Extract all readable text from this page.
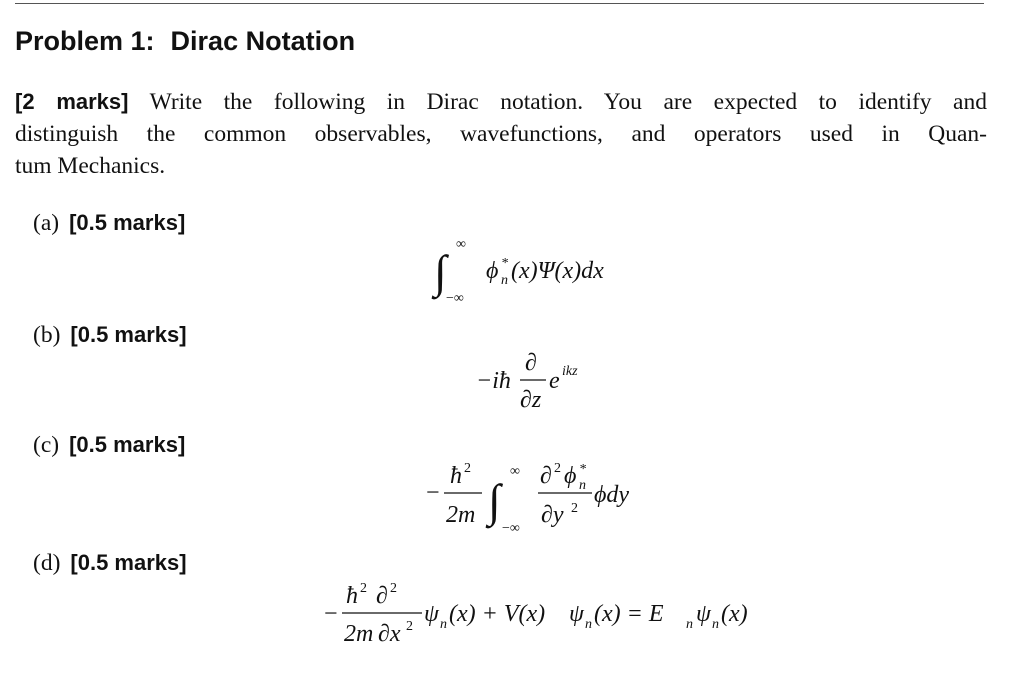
Problem 1: Dirac Notation
[2 marks] Write the following in Dirac notation. You are expected to identify and
distinguish the common observables, wavefunctions, and operators used in Quan-
tum Mechanics.
(a) [0.5 marks]
∫
∞
−∞
ϕ *
n (x)Ψ(x)dx
(b) [0.5 marks]
−iħ
∂
∂z
e ikz
(c) [0.5 marks]
−
ħ 2
2m ∫
∞
−∞
∂ 2 ϕ *
n
∂y 2
ϕdy
(d) [0.5 marks]
−
ħ 2 ∂ 2
2m ∂x 2 ψ n (x) + V(x) ψ n (x) = E n ψ n (x)
